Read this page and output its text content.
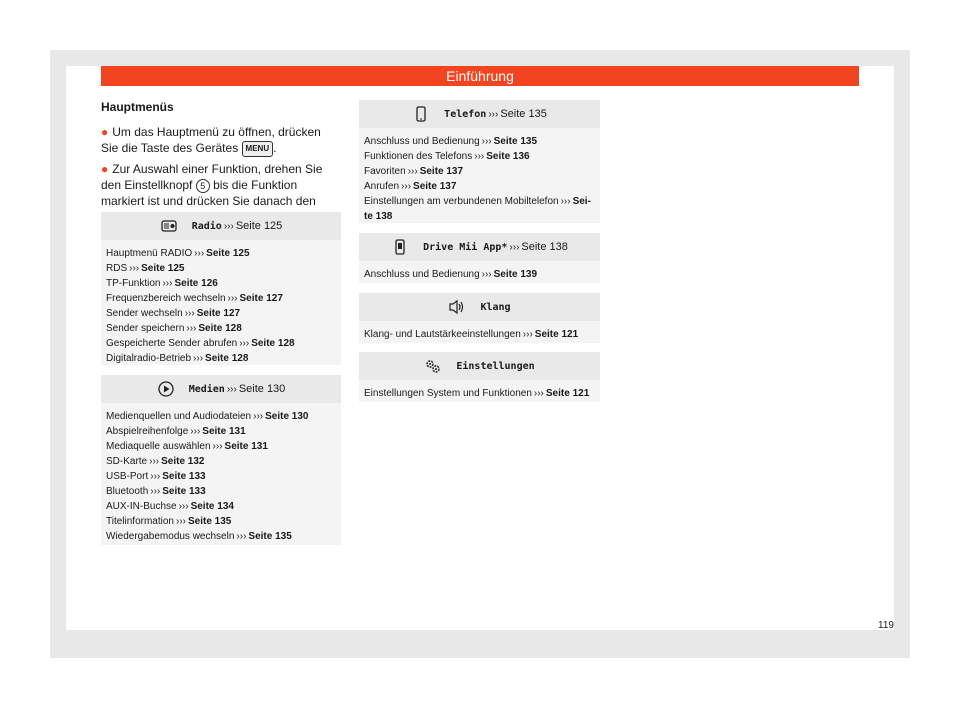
Einführung
Hauptmenüs
● Um das Hauptmenü zu öffnen, drücken Sie die Taste des Gerätes MENU .
● Zur Auswahl einer Funktion, drehen Sie den Einstellknopf 5 bis die Funktion markiert ist und drücken Sie danach den
Radio ››› Seite 125
Hauptmenü RADIO ››› Seite 125
RDS ››› Seite 125
TP-Funktion ››› Seite 126
Frequenzbereich wechseln ››› Seite 127
Sender wechseln ››› Seite 127
Sender speichern ››› Seite 128
Gespeicherte Sender abrufen ››› Seite 128
Digitalradio-Betrieb ››› Seite 128
Medien ››› Seite 130
Medienquellen und Audiodateien ››› Seite 130
Abspielreihenfolge ››› Seite 131
Mediaquelle auswählen ››› Seite 131
SD-Karte ››› Seite 132
USB-Port ››› Seite 133
Bluetooth ››› Seite 133
AUX-IN-Buchse ››› Seite 134
Titelinformation ››› Seite 135
Wiedergabemodus wechseln ››› Seite 135
Telefon ››› Seite 135
Anschluss und Bedienung ››› Seite 135
Funktionen des Telefons ››› Seite 136
Favoriten ››› Seite 137
Anrufen ››› Seite 137
Einstellungen am verbundenen Mobiltelefon ››› Sei-te 138
Drive Mii App* ››› Seite 138
Anschluss und Bedienung ››› Seite 139
Klang
Klang- und Lautstärkeeinstellungen ››› Seite 121
Einstellungen
Einstellungen System und Funktionen ››› Seite 121
119
